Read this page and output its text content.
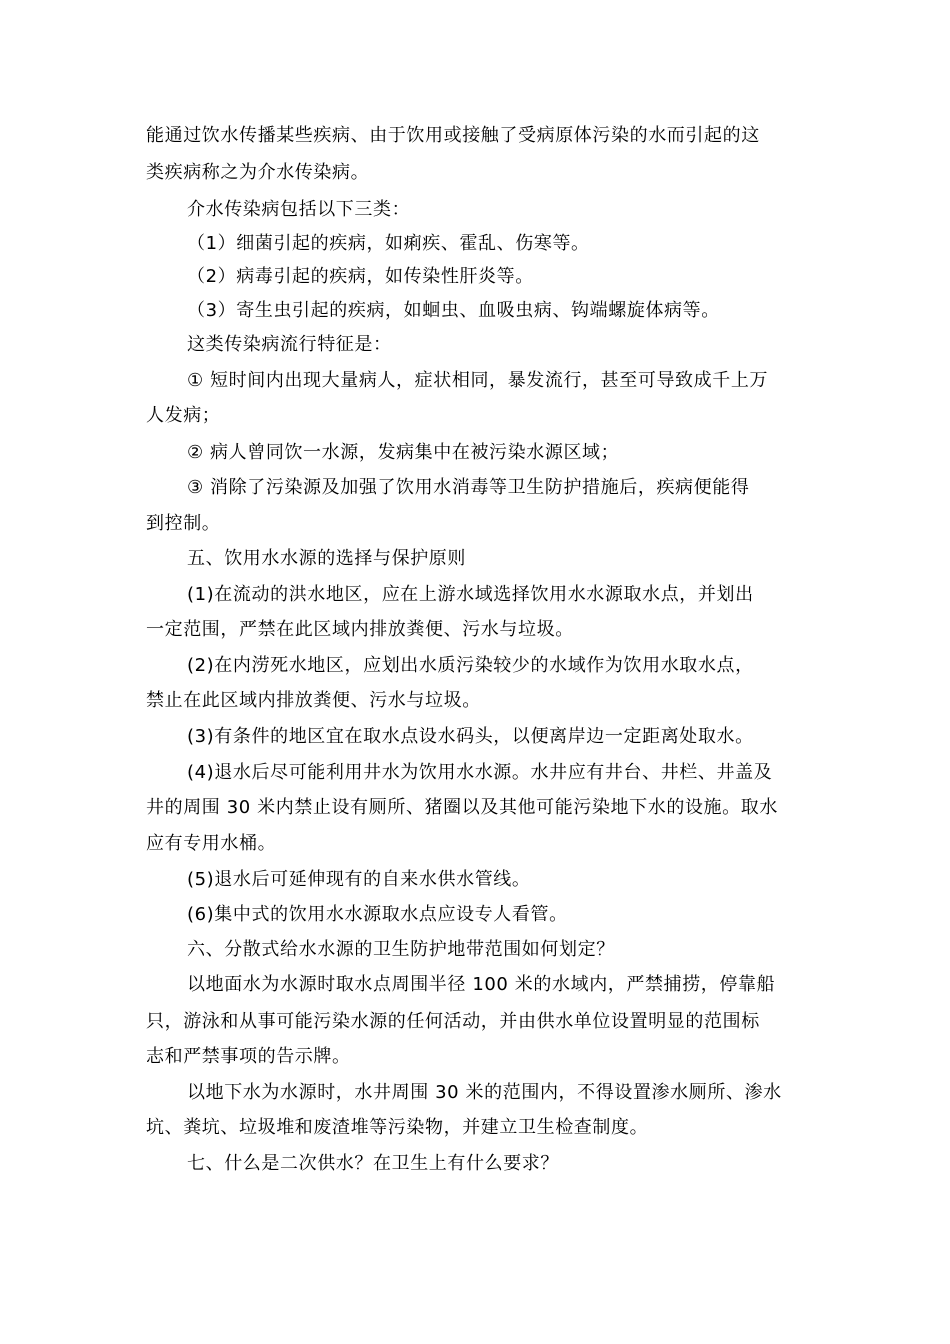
能通过饮水传播某些疾病、由于饮用或接触了受病原体污染的水而引起的这
类疾病称之为介水传染病。
介水传染病包括以下三类：
（1）细菌引起的疾病，如痢疾、霍乱、伤寒等。
（2）病毒引起的疾病，如传染性肝炎等。
（3）寄生虫引起的疾病，如蛔虫、血吸虫病、钩端螺旋体病等。
这类传染病流行特征是：
① 短时间内出现大量病人，症状相同，暴发流行，甚至可导致成千上万
人发病；
② 病人曾同饮一水源，发病集中在被污染水源区域；
③ 消除了污染源及加强了饮用水消毒等卫生防护措施后，疾病便能得
到控制。
五、饮用水水源的选择与保护原则
(1)在流动的洪水地区，应在上游水域选择饮用水水源取水点，并划出
一定范围，严禁在此区域内排放粪便、污水与垃圾。
(2)在内涝死水地区，应划出水质污染较少的水域作为饮用水取水点，
禁止在此区域内排放粪便、污水与垃圾。
(3)有条件的地区宜在取水点设水码头，以便离岸边一定距离处取水。
(4)退水后尽可能利用井水为饮用水水源。水井应有井台、井栏、井盖及
井的周围 30 米内禁止设有厕所、猪圈以及其他可能污染地下水的设施。取水
应有专用水桶。
(5)退水后可延伸现有的自来水供水管线。
(6)集中式的饮用水水源取水点应设专人看管。
六、分散式给水水源的卫生防护地带范围如何划定？
以地面水为水源时取水点周围半径 100 米的水域内，严禁捕捞，停靠船
只，游泳和从事可能污染水源的任何活动，并由供水单位设置明显的范围标
志和严禁事项的告示牌。
以地下水为水源时，水井周围 30 米的范围内，不得设置渗水厕所、渗水
坑、粪坑、垃圾堆和废渣堆等污染物，并建立卫生检查制度。
七、什么是二次供水？在卫生上有什么要求？
